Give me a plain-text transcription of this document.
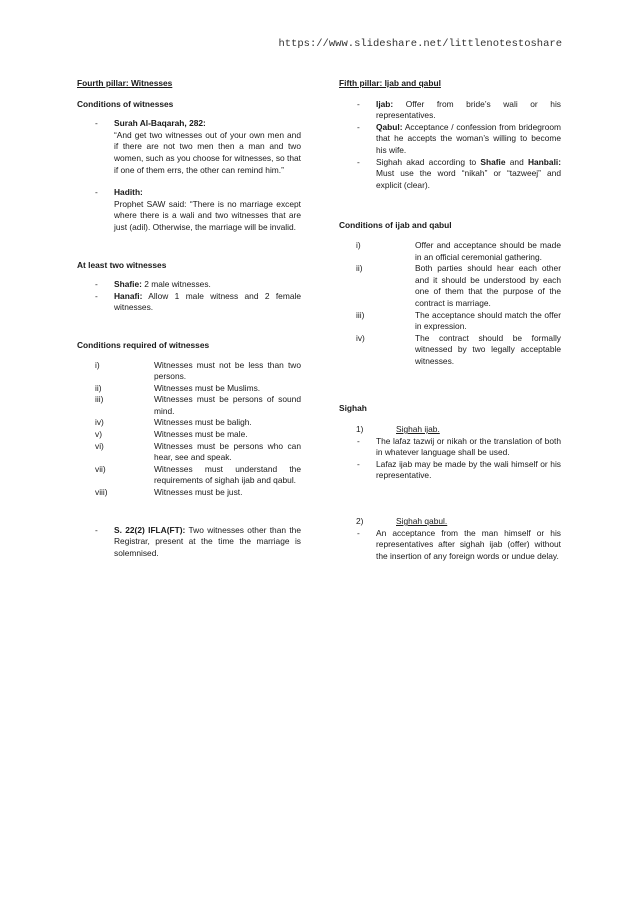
https://www.slideshare.net/littlenotestoshare
Fourth pillar: Witnesses
Conditions of witnesses
-	Surah Al-Baqarah, 282:
“And get two witnesses out of your own men and if there are not two men then a man and two women, such as you choose for witnesses, so that if one of them errs, the other can remind him.”
-	Hadith:
Prophet SAW said: “There is no marriage except where there is a wali and two witnesses that are just (adil). Otherwise, the marriage will be invalid.
At least two witnesses
-	Shafie: 2 male witnesses.
-	Hanafi: Allow 1 male witness and 2 female witnesses.
Conditions required of witnesses
i)	Witnesses must not be less than two persons.
ii)	Witnesses must be Muslims.
iii)	Witnesses must be persons of sound mind.
iv)	Witnesses must be baligh.
v)	Witnesses must be male.
vi)	Witnesses must be persons who can hear, see and speak.
vii)	Witnesses must understand the requirements of sighah ijab and qabul.
viii)	Witnesses must be just.
-	S. 22(2) IFLA(FT): Two witnesses other than the Registrar, present at the time the marriage is solemnised.
Fifth pillar: Ijab and qabul
-	Ijab: Offer from bride’s wali or his representatives.
-	Qabul: Acceptance / confession from bridegroom that he accepts the woman’s willing to become his wife.
-	Sighah akad according to Shafie and Hanbali: Must use the word “nikah” or “tazweej” and explicit (clear).
Conditions of ijab and qabul
i)	Offer and acceptance should be made in an official ceremonial gathering.
ii)	Both parties should hear each other and it should be understood by each one of them that the purpose of the contract is marriage.
iii)	The acceptance should match the offer in expression.
iv)	The contract should be formally witnessed by two legally acceptable witnesses.
Sighah
1)	Sighah ijab.
-	The lafaz tazwij or nikah or the translation of both in whatever language shall be used.
-	Lafaz ijab may be made by the wali himself or his representative.
2)	Sighah qabul.
-	An acceptance from the man himself or his representatives after sighah ijab (offer) without the insertion of any foreign words or undue delay.
